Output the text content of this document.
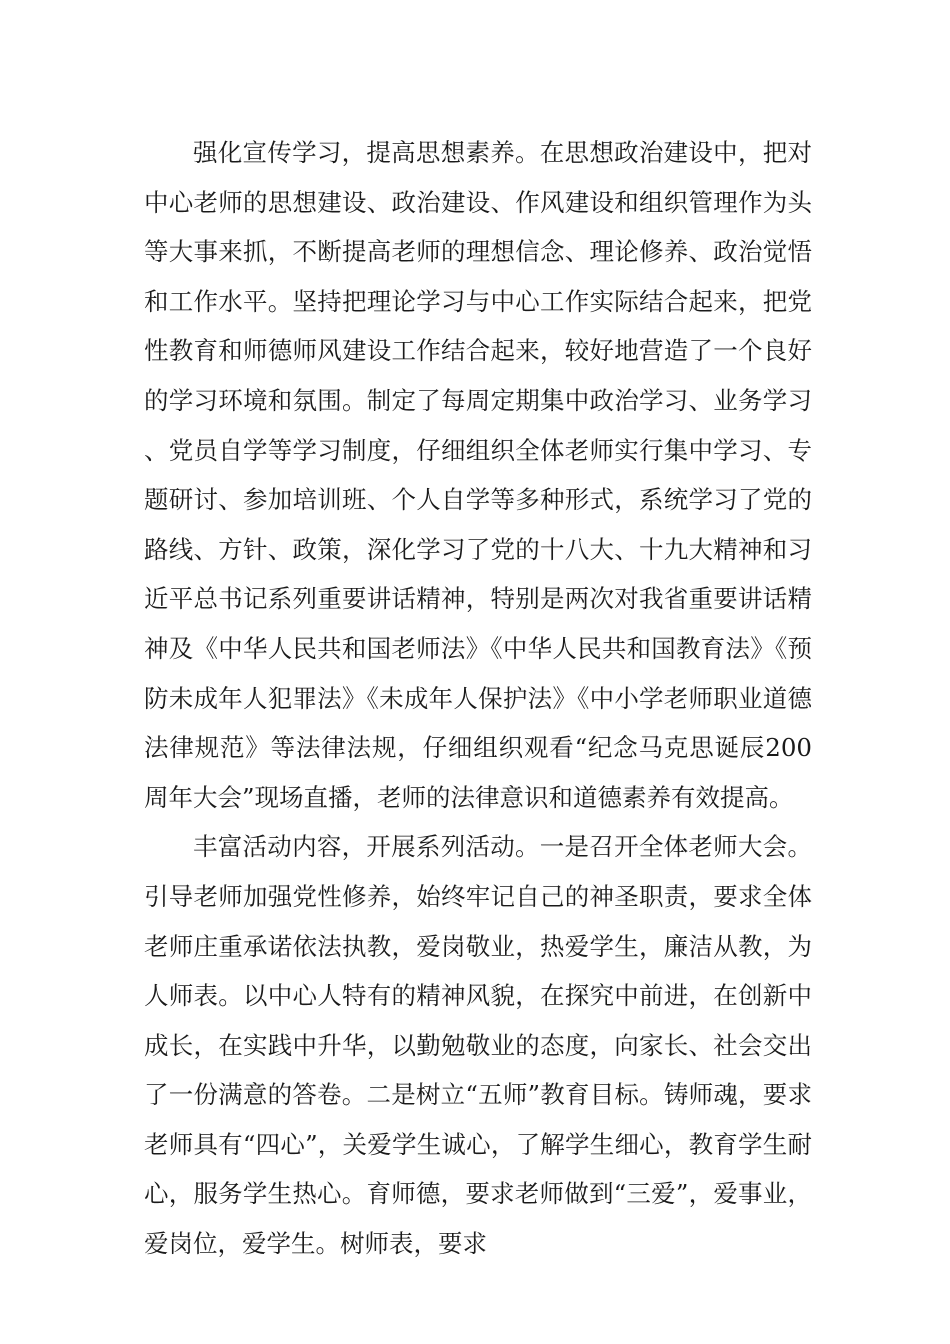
强化宣传学习，提高思想素养。在思想政治建设中，把对中心老师的思想建设、政治建设、作风建设和组织管理作为头等大事来抓，不断提高老师的理想信念、理论修养、政治觉悟和工作水平。坚持把理论学习与中心工作实际结合起来，把党性教育和师德师风建设工作结合起来，较好地营造了一个良好的学习环境和氛围。制定了每周定期集中政治学习、业务学习、党员自学等学习制度，仔细组织全体老师实行集中学习、专题研讨、参加培训班、个人自学等多种形式，系统学习了党的路线、方针、政策，深化学习了党的十八大、十九大精神和习近平总书记系列重要讲话精神，特别是两次对我省重要讲话精神及《中华人民共和国老师法》《中华人民共和国教育法》《预防未成年人犯罪法》《未成年人保护法》《中小学老师职业道德法律规范》等法律法规，仔细组织观看“纪念马克思诞辰200周年大会”现场直播，老师的法律意识和道德素养有效提高。

丰富活动内容，开展系列活动。一是召开全体老师大会。引导老师加强党性修养，始终牢记自己的神圣职责，要求全体老师庄重承诺依法执教，爱岗敬业，热爱学生，廉洁从教，为人师表。以中心人特有的精神风貌，在探究中前进，在创新中成长，在实践中升华，以勤勉敬业的态度，向家长、社会交出了一份满意的答卷。二是树立“五师”教育目标。铸师魂，要求老师具有“四心”，关爱学生诚心，了解学生细心，教育学生耐心，服务学生热心。育师德，要求老师做到“三爱”，爱事业，爱岗位，爱学生。树师表，要求
